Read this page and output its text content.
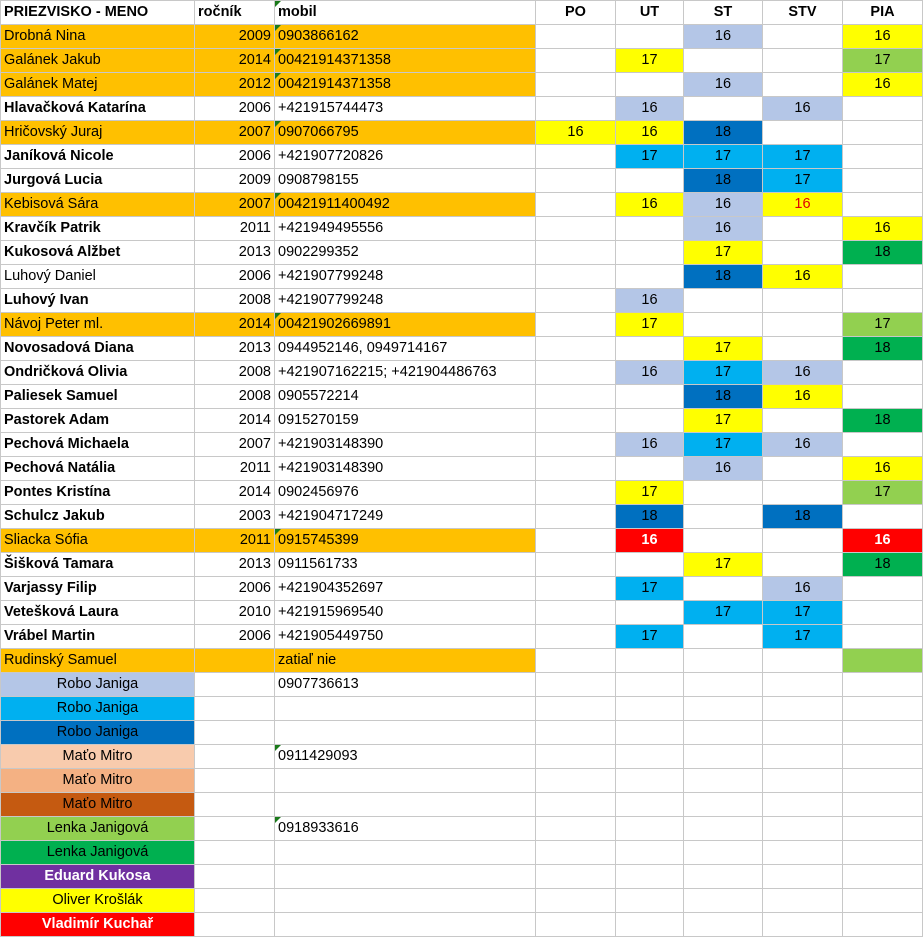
PRIEZVISKO - MENO	ročník	mobil	PO	UT	ST	STV	PIA
Drobná Nina	2009	0903866162			16		16
Galánek Jakub	2014	00421914371358		17			17
Galánek Matej	2012	00421914371358			16		16
Hlavačková Katarína	2006	+421915744473		16		16	
Hričovský Juraj	2007	0907066795	16	16	18		
Janíková Nicole	2006	+421907720826		17	17	17	
Jurgová Lucia	2009	0908798155			18	17	
Kebisová Sára	2007	00421911400492		16	16	16	
Kravčík Patrik	2011	+421949495556			16		16
Kukosová Alžbet	2013	0902299352			17		18
Luhový Daniel	2006	+421907799248			18	16	
Luhový Ivan	2008	+421907799248		16			
Návoj Peter ml.	2014	00421902669891		17			17
Novosadová Diana	2013	0944952146, 0949714167			17		18
Ondričková Olivia	2008	+421907162215; +421904486763		16	17	16	
Paliesek Samuel	2008	0905572214			18	16	
Pastorek Adam	2014	0915270159			17		18
Pechová Michaela	2007	+421903148390		16	17	16	
Pechová Natália	2011	+421903148390			16		16
Pontes Kristína	2014	0902456976		17			17
Schulcz Jakub	2003	+421904717249		18		18	
Sliacka Sófia	2011	0915745399		16			16
Šišková Tamara	2013	0911561733			17		18
Varjassy Filip	2006	+421904352697		17		16	
Vetešková Laura	2010	+421915969540			17	17	
Vrábel Martin	2006	+421905449750		17		17	
Rudinský Samuel		zatiaľ nie					
Robo Janiga		0907736613					
Robo Janiga							
Robo Janiga							
Maťo Mitro		0911429093					
Maťo Mitro							
Maťo Mitro							
Lenka Janigová		0918933616					
Lenka Janigová							
Eduard Kukosa							
Oliver Krošlák							
Vladimír Kuchař							
